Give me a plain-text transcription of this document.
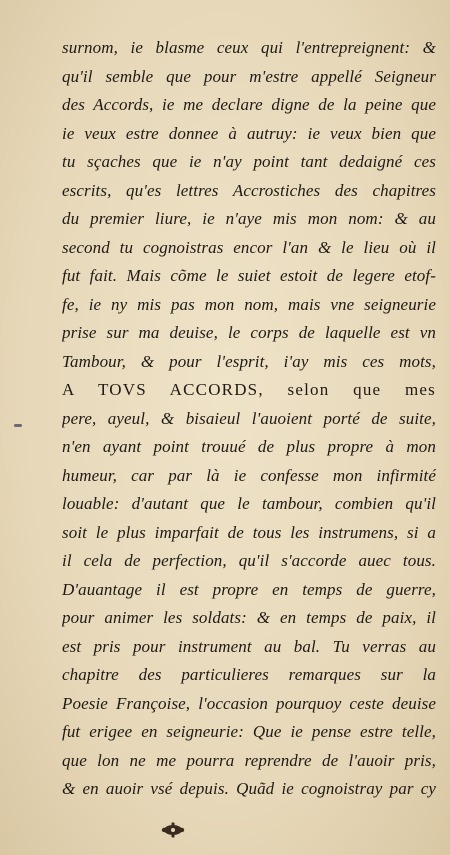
surnom, ie blasme ceux qui l'entrepreignent: &
qu'il semble que pour m'estre appellé Seigneur
des Accords, ie me declare digne de la peine que
ie veux estre donnee à autruy: ie veux bien que
tu sçaches que ie n'ay point tant dedaigné ces
escrits, qu'es lettres Accrostiches des chapitres
du premier liure, ie n'aye mis mon nom: & au
second tu cognoistras encor l'an & le lieu où il
fut fait. Mais cõme le suiet estoit de legere etof-
fe, ie ny mis pas mon nom, mais vne seigneurie
prise sur ma deuise, le corps de laquelle est vn
Tambour, & pour l'esprit, i'ay mis ces mots,
A TOVS ACCORDS, selon que mes
pere, ayeul, & bisaieul l'auoient porté de suite,
n'en ayant point trouué de plus propre à mon
humeur, car par là ie confesse mon infirmité
louable: d'autant que le tambour, combien qu'il
soit le plus imparfait de tous les instrumens, si a
il cela de perfection, qu'il s'accorde auec tous.
D'auantage il est propre en temps de guerre,
pour animer les soldats: & en temps de paix, il
est pris pour instrument au bal. Tu verras au
chapitre des particulieres remarques sur la
Poesie Françoise, l'occasion pourquoy ceste deuise
fut erigee en seigneurie: Que ie pense estre telle,
que lon ne me pourra reprendre de l'auoir pris,
& en auoir vsé depuis. Quãd ie cognoistray par cy
